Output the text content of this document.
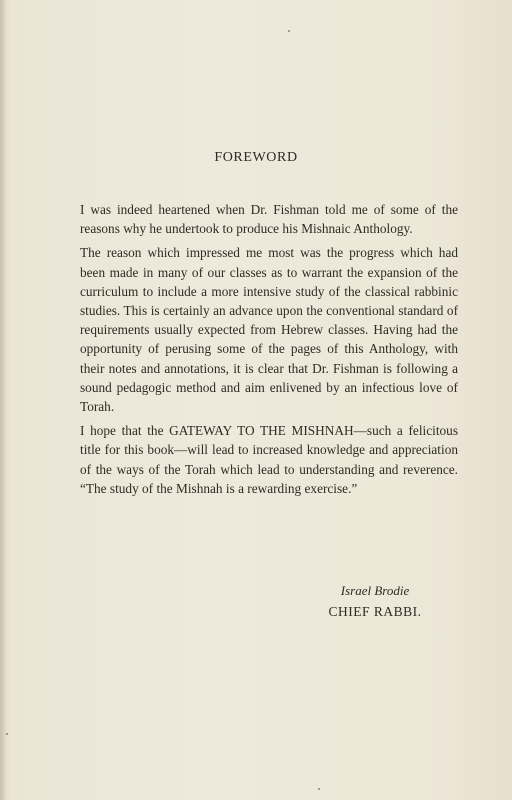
FOREWORD

I was indeed heartened when Dr. Fishman told me of some of the reasons why he undertook to produce his Mishnaic Anthology.

The reason which impressed me most was the progress which had been made in many of our classes as to warrant the expansion of the curriculum to include a more intensive study of the classical rabbinic studies. This is certainly an advance upon the conventional standard of requirements usually expected from Hebrew classes. Having had the opportunity of perusing some of the pages of this Anthology, with their notes and annotations, it is clear that Dr. Fishman is following a sound pedagogic method and aim enlivened by an infectious love of Torah.

I hope that the GATEWAY TO THE MISHNAH—such a felicitous title for this book—will lead to increased knowledge and appreciation of the ways of the Torah which lead to understanding and reverence. “The study of the Mishnah is a rewarding exercise.”

Israel Brodie
CHIEF RABBI.
